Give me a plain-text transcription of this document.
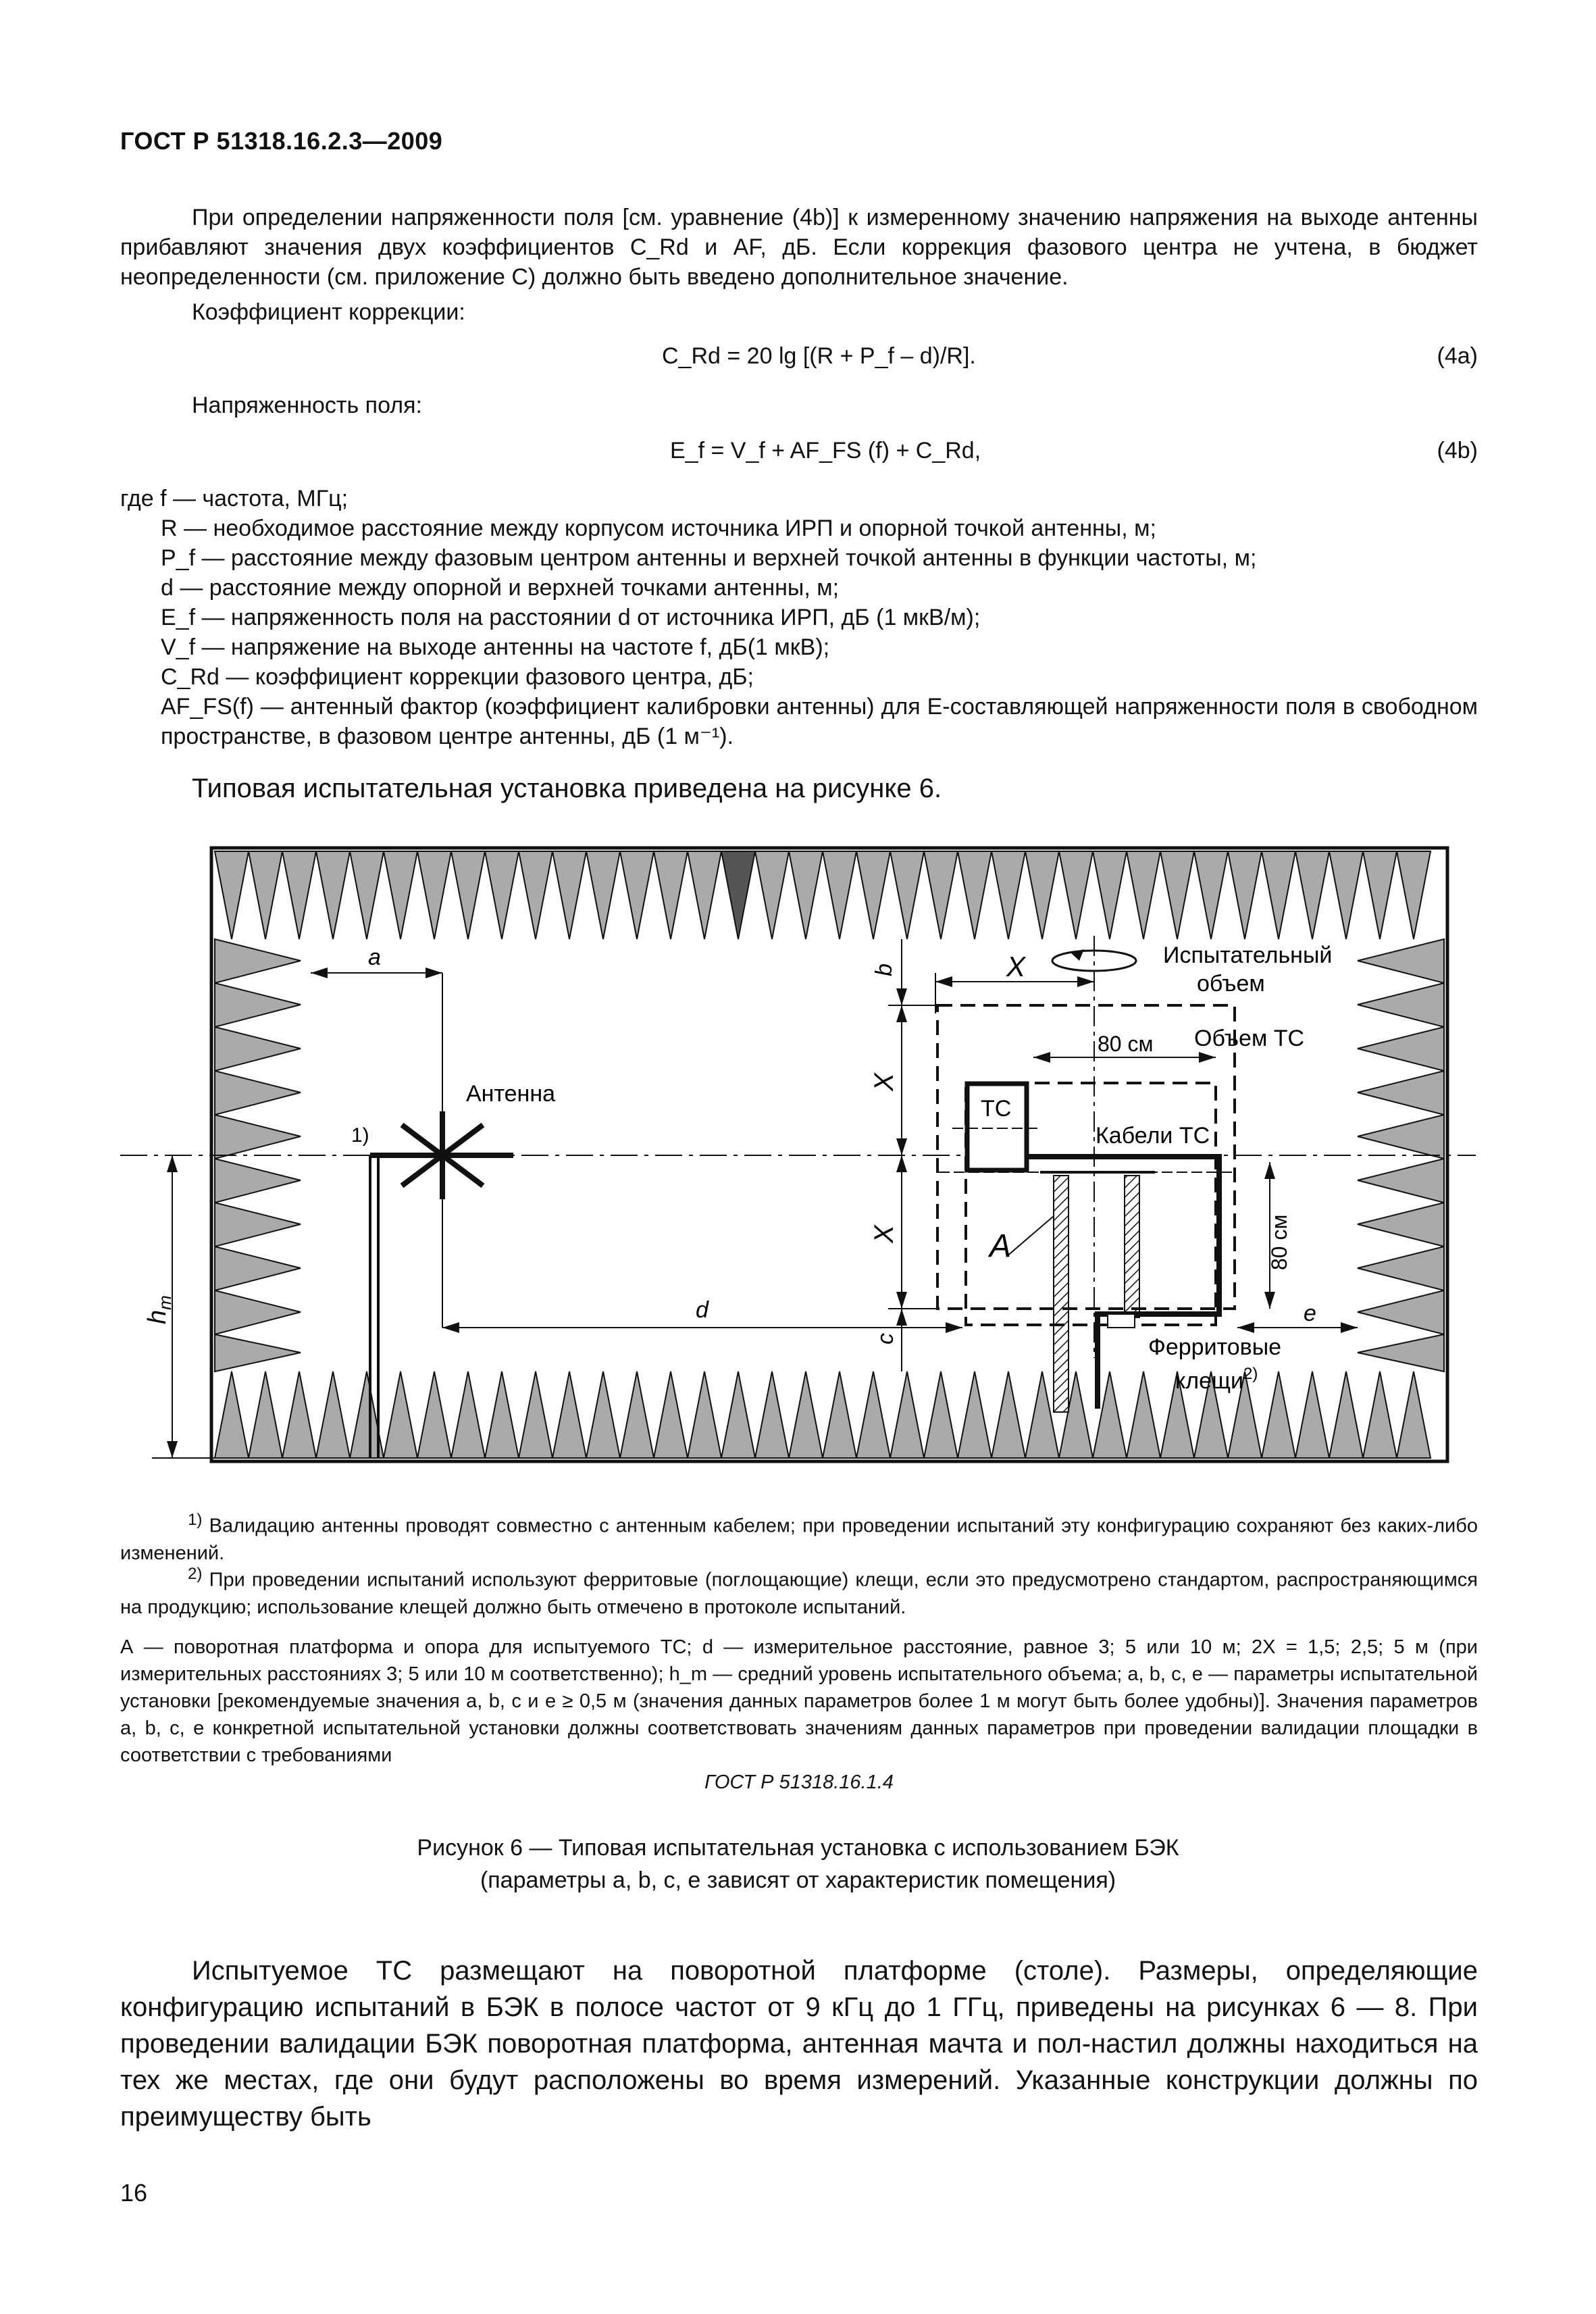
ГОСТ Р 51318.16.2.3—2009
При определении напряженности поля [см. уравнение (4b)] к измеренному значению напряжения на выходе антенны прибавляют значения двух коэффициентов C_Rd и AF, дБ. Если коррекция фазового центра не учтена, в бюджет неопределенности (см. приложение С) должно быть введено дополнительное значение.
Коэффициент коррекции:
C_Rd = 20 lg [(R + P_f – d)/R].	(4a)
Напряженность поля:
E_f = V_f + AF_FS (f) + C_Rd,	(4b)
где f — частота, МГц;
R — необходимое расстояние между корпусом источника ИРП и опорной точкой антенны, м;
P_f — расстояние между фазовым центром антенны и верхней точкой антенны в функции частоты, м;
d — расстояние между опорной и верхней точками антенны, м;
E_f — напряженность поля на расстоянии d от источника ИРП, дБ (1 мкВ/м);
V_f — напряжение на выходе антенны на частоте f, дБ(1 мкВ);
C_Rd — коэффициент коррекции фазового центра, дБ;
AF_FS(f) — антенный фактор (коэффициент калибровки антенны) для E-составляющей напряженности поля в свободном пространстве, в фазовом центре антенны, дБ (1 м⁻¹).
Типовая испытательная установка приведена на рисунке 6.
Антенна
1)
a
d
X
b
X
X
c
$h_m$
Испытательный
объем
Объем ТС
80 см
80 см
ТС
Кабели ТС
A
e
Ферритовые
клещи$^{2)}$
$^{1)}$ Валидацию антенны проводят совместно с антенным кабелем; при проведении испытаний эту конфигурацию сохраняют без каких-либо изменений.
$^{2)}$ При проведении испытаний используют ферритовые (поглощающие) клещи, если это предусмотрено стандартом, распространяющимся на продукцию; использование клещей должно быть отмечено в протоколе испытаний.
А — поворотная платформа и опора для испытуемого ТС; d — измерительное расстояние, равное 3; 5 или 10 м; 2X = 1,5; 2,5; 5 м (при измерительных расстояниях 3; 5 или 10 м соответственно); h_m — средний уровень испытательного объема; a, b, c, e — параметры испытательной установки [рекомендуемые значения a, b, c и e ≥ 0,5 м (значения данных параметров более 1 м могут быть более удобны)]. Значения параметров a, b, c, e конкретной испытательной установки должны соответствовать значениям данных параметров при проведении валидации площадки в соответствии с требованиями
ГОСТ Р 51318.16.1.4
Рисунок 6 — Типовая испытательная установка с использованием БЭК
(параметры a, b, c, e зависят от характеристик помещения)
Испытуемое ТС размещают на поворотной платформе (столе). Размеры, определяющие конфигурацию испытаний в БЭК в полосе частот от 9 кГц до 1 ГГц, приведены на рисунках 6 — 8. При проведении валидации БЭК поворотная платформа, антенная мачта и пол-настил должны находиться на тех же местах, где они будут расположены во время измерений. Указанные конструкции должны по преимуществу быть
16
